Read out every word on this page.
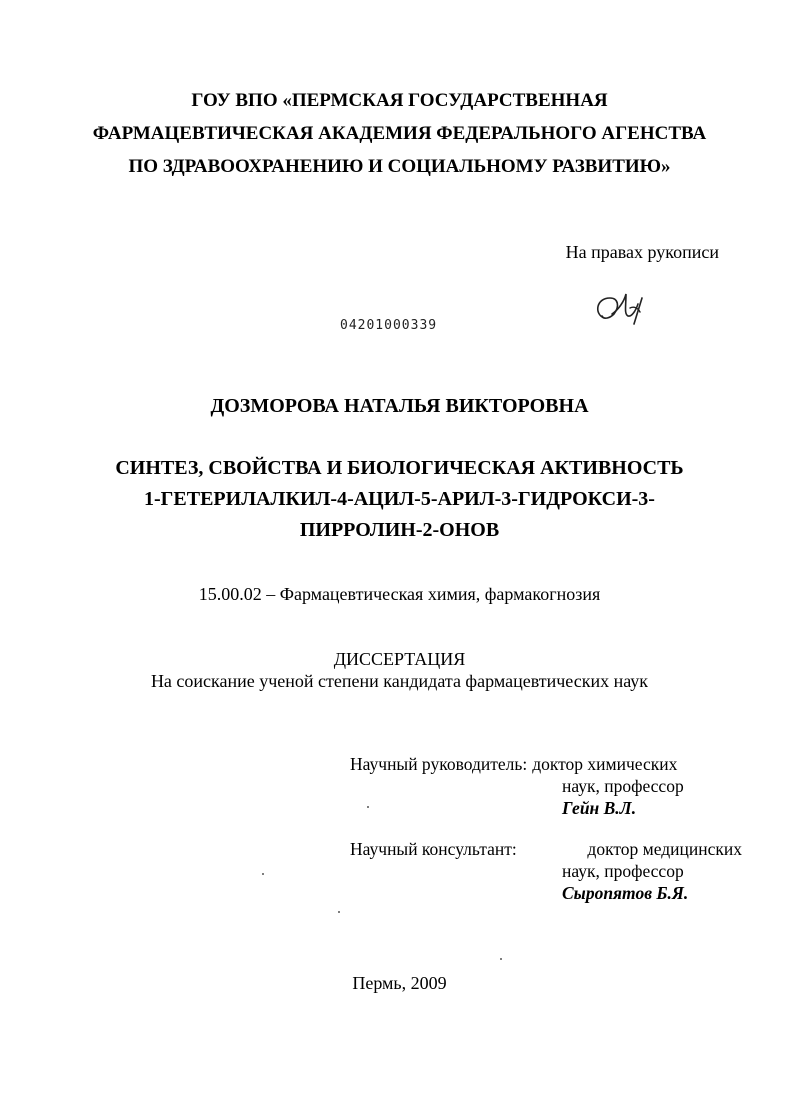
ГОУ ВПО «ПЕРМСКАЯ ГОСУДАРСТВЕННАЯ
ФАРМАЦЕВТИЧЕСКАЯ АКАДЕМИЯ ФЕДЕРАЛЬНОГО АГЕНСТВА
ПО ЗДРАВООХРАНЕНИЮ И СОЦИАЛЬНОМУ РАЗВИТИЮ»
На правах рукописи
04201000339
ДОЗМОРОВА НАТАЛЬЯ ВИКТОРОВНА
СИНТЕЗ, СВОЙСТВА И БИОЛОГИЧЕСКАЯ АКТИВНОСТЬ
1-ГЕТЕРИЛАЛКИЛ-4-АЦИЛ-5-АРИЛ-3-ГИДРОКСИ-3-
ПИРРОЛИН-2-ОНОВ
15.00.02 – Фармацевтическая химия, фармакогнозия
ДИССЕРТАЦИЯ
На соискание ученой степени кандидата фармацевтических наук
Научный руководитель: доктор химических
наук, профессор
Гейн В.Л.
Научный консультант:	доктор медицинских
наук, профессор
Сыропятов Б.Я.
Пермь, 2009
